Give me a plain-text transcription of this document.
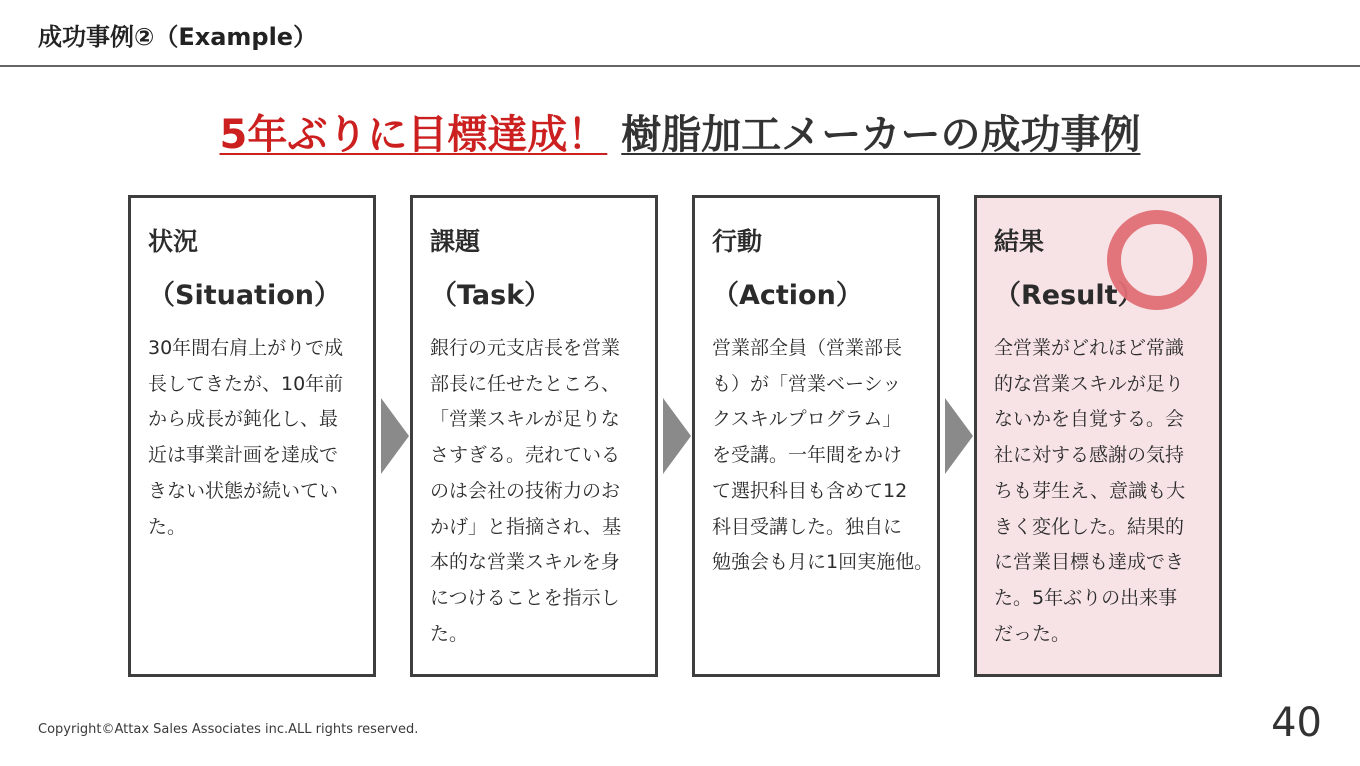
成功事例②（Example）
5年ぶりに目標達成！ 樹脂加工メーカーの成功事例
状況
（Situation）
30年間右肩上がりで成
長してきたが、10年前
から成長が鈍化し、最
近は事業計画を達成で
きない状態が続いてい
た。
課題
（Task）
銀行の元支店長を営業
部長に任せたところ、
「営業スキルが足りな
さすぎる。売れている
のは会社の技術力のお
かげ」と指摘され、基
本的な営業スキルを身
につけることを指示し
た。
行動
（Action）
営業部全員（営業部長
も）が「営業ベーシッ
クスキルプログラム」
を受講。一年間をかけ
て選択科目も含めて12
科目受講した。独自に
勉強会も月に1回実施他。
結果
（Result）
全営業がどれほど常識
的な営業スキルが足り
ないかを自覚する。会
社に対する感謝の気持
ちも芽生え、意識も大
きく変化した。結果的
に営業目標も達成でき
た。5年ぶりの出来事
だった。
Copyright©Attax Sales Associates inc.ALL rights reserved.	40
